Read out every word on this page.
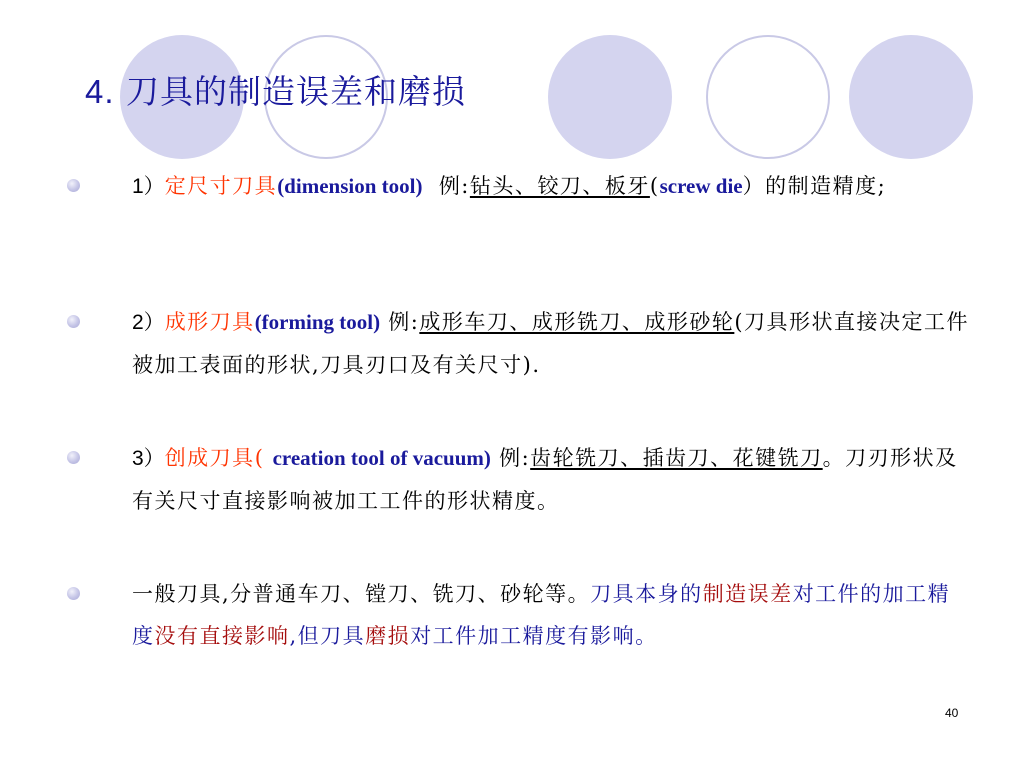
4. 刀具的制造误差和磨损

1）定尺寸刀具(dimension tool) 例:钻头、铰刀、板牙(screw die）的制造精度;

2）成形刀具(forming tool) 例:成形车刀、成形铣刀、成形砂轮(刀具形状直接决定工件被加工表面的形状,刀具刃口及有关尺寸).

3）创成刀具( creation tool of vacuum) 例:齿轮铣刀、插齿刀、花键铣刀。刀刃形状及有关尺寸直接影响被加工工件的形状精度。

一般刀具,分普通车刀、镗刀、铣刀、砂轮等。刀具本身的制造误差对工件的加工精度没有直接影响,但刀具磨损对工件加工精度有影响。

40
